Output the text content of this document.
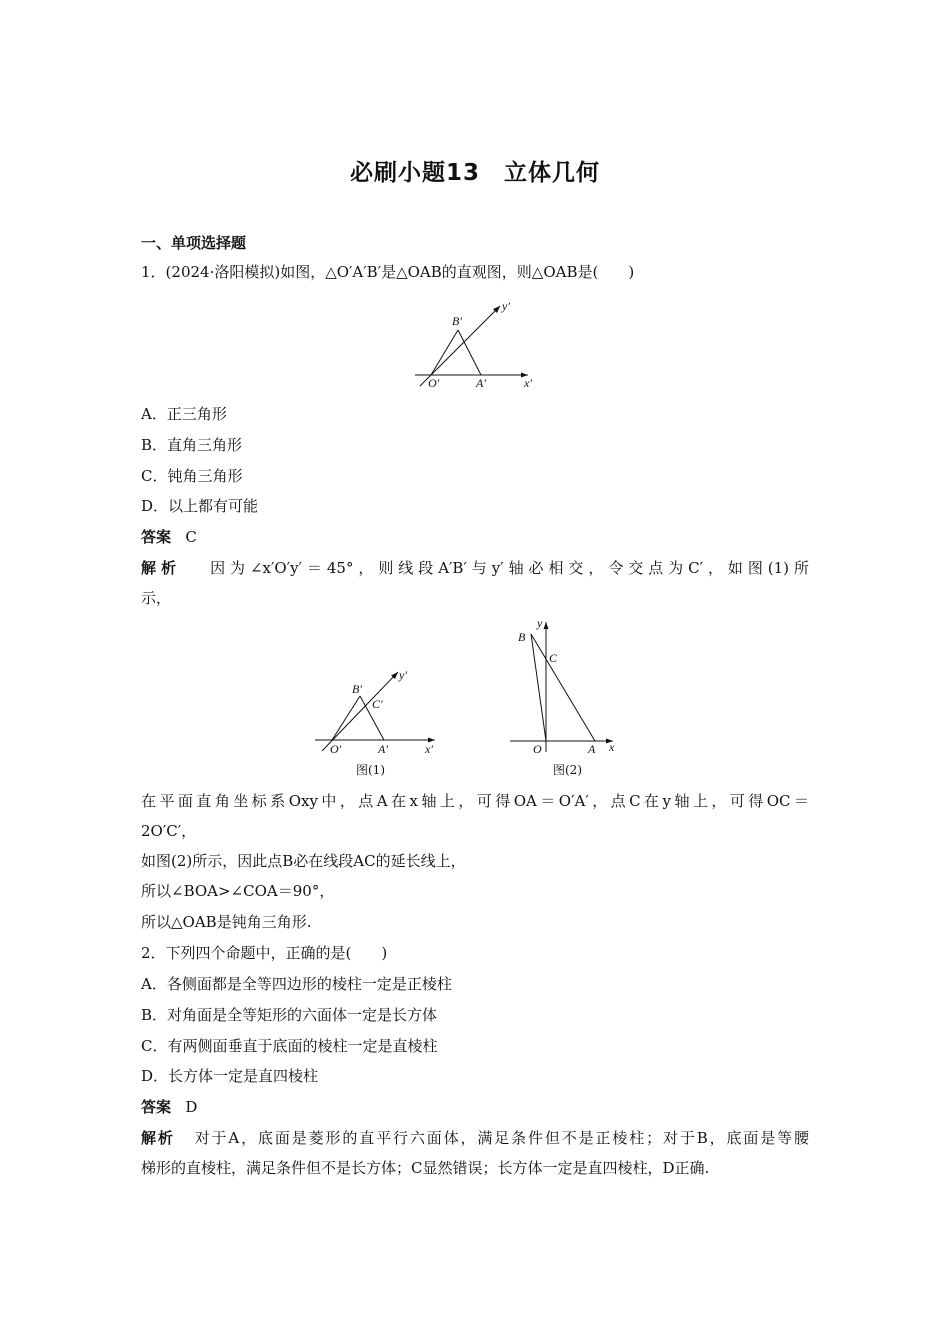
必刷小题13　立体几何
一、单项选择题
1．(2024·洛阳模拟)如图，△O′A′B′是△OAB的直观图，则△OAB是(　　)
B′
y′
O′	A′	x′
A．正三角形
B．直角三角形
C．钝角三角形
D．以上都有可能
答案 C
解析 因为∠x′O′y′＝45°，则线段A′B′与y′轴必相交，令交点为C′，如图(1)所
示，
B′
C′
y′
O′	A′	x′
图(1)
y
B
C
O	A x
图(2)
在平面直角坐标系Oxy中，点A在x轴上，可得OA＝O′A′，点C在y轴上，可得OC＝
2O′C′，
如图(2)所示，因此点B必在线段AC的延长线上，
所以∠BOA>∠COA＝90°，
所以△OAB是钝角三角形.
2．下列四个命题中，正确的是(　　)
A．各侧面都是全等四边形的棱柱一定是正棱柱
B．对角面是全等矩形的六面体一定是长方体
C．有两侧面垂直于底面的棱柱一定是直棱柱
D．长方体一定是直四棱柱
答案 D
解析 对于A，底面是菱形的直平行六面体，满足条件但不是正棱柱；对于B，底面是等腰
梯形的直棱柱，满足条件但不是长方体；C显然错误；长方体一定是直四棱柱，D正确.
